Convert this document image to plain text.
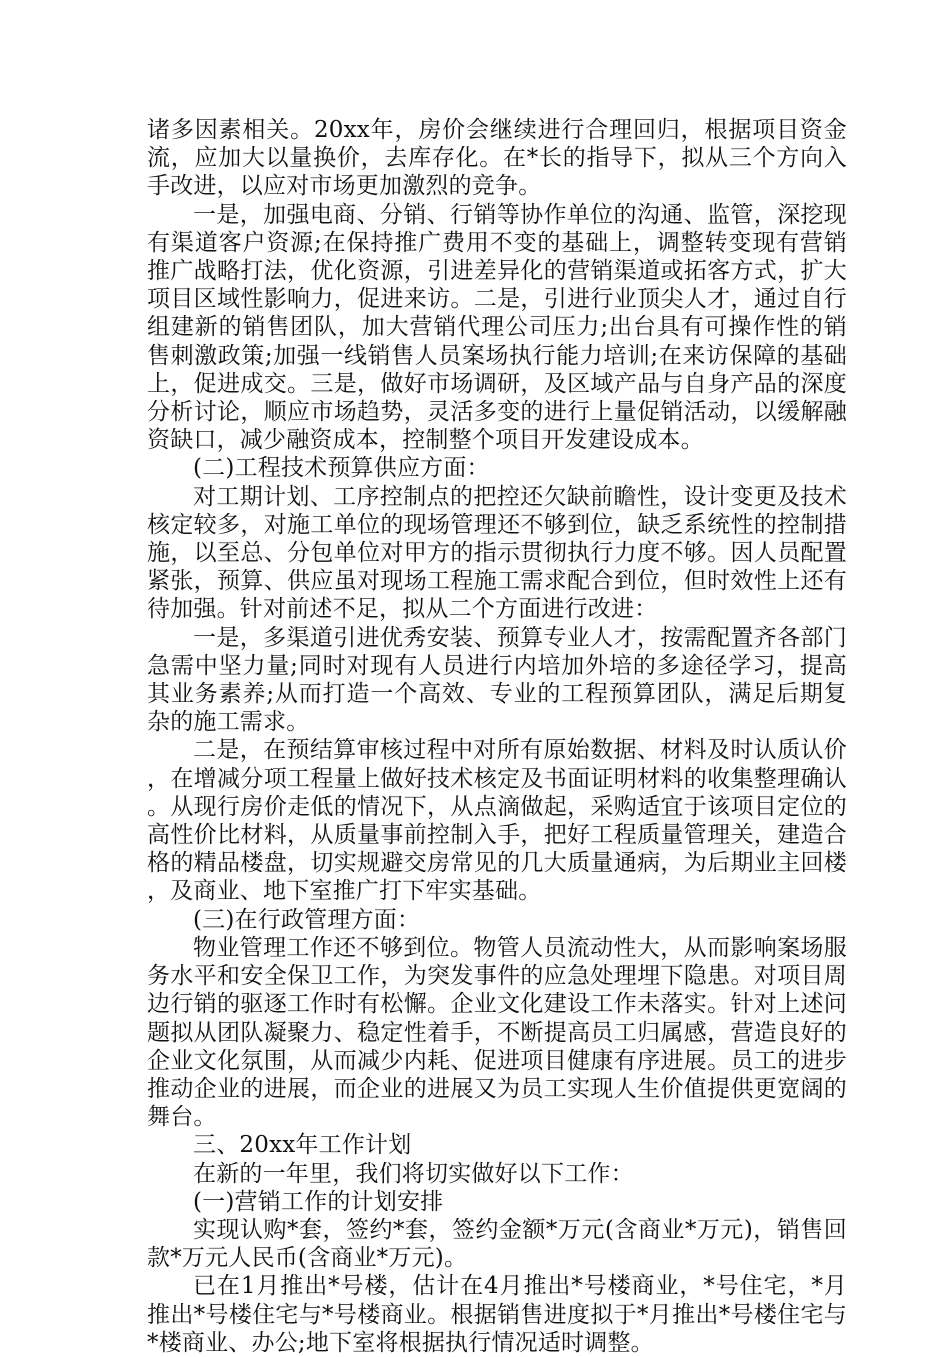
诸多因素相关。20xx年，房价会继续进行合理回归，根据项目资金流，应加大以量换价，去库存化。在*长的指导下，拟从三个方向入手改进，以应对市场更加激烈的竞争。

一是，加强电商、分销、行销等协作单位的沟通、监管，深挖现有渠道客户资源;在保持推广费用不变的基础上，调整转变现有营销推广战略打法，优化资源，引进差异化的营销渠道或拓客方式，扩大项目区域性影响力，促进来访。二是，引进行业顶尖人才，通过自行组建新的销售团队，加大营销代理公司压力;出台具有可操作性的销售刺激政策;加强一线销售人员案场执行能力培训;在来访保障的基础上，促进成交。三是，做好市场调研，及区域产品与自身产品的深度分析讨论，顺应市场趋势，灵活多变的进行上量促销活动，以缓解融资缺口，减少融资成本，控制整个项目开发建设成本。

(二)工程技术预算供应方面：

对工期计划、工序控制点的把控还欠缺前瞻性，设计变更及技术核定较多，对施工单位的现场管理还不够到位，缺乏系统性的控制措施，以至总、分包单位对甲方的指示贯彻执行力度不够。因人员配置紧张，预算、供应虽对现场工程施工需求配合到位，但时效性上还有待加强。针对前述不足，拟从二个方面进行改进：

一是，多渠道引进优秀安装、预算专业人才，按需配置齐各部门急需中坚力量;同时对现有人员进行内培加外培的多途径学习，提高其业务素养;从而打造一个高效、专业的工程预算团队，满足后期复杂的施工需求。

二是，在预结算审核过程中对所有原始数据、材料及时认质认价，在增减分项工程量上做好技术核定及书面证明材料的收集整理确认。从现行房价走低的情况下，从点滴做起，采购适宜于该项目定位的高性价比材料，从质量事前控制入手，把好工程质量管理关，建造合格的精品楼盘，切实规避交房常见的几大质量通病，为后期业主回楼，及商业、地下室推广打下牢实基础。

(三)在行政管理方面：

物业管理工作还不够到位。物管人员流动性大，从而影响案场服务水平和安全保卫工作，为突发事件的应急处理埋下隐患。对项目周边行销的驱逐工作时有松懈。企业文化建设工作未落实。针对上述问题拟从团队凝聚力、稳定性着手，不断提高员工归属感，营造良好的企业文化氛围，从而减少内耗、促进项目健康有序进展。员工的进步推动企业的进展，而企业的进展又为员工实现人生价值提供更宽阔的舞台。

三、20xx年工作计划

在新的一年里，我们将切实做好以下工作：

(一)营销工作的计划安排

实现认购*套，签约*套，签约金额*万元(含商业*万元)，销售回款*万元人民币(含商业*万元)。

已在1月推出*号楼，估计在4月推出*号楼商业，*号住宅，*月推出*号楼住宅与*号楼商业。根据销售进度拟于*月推出*号楼住宅与*楼商业、办公;地下室将根据执行情况适时调整。
